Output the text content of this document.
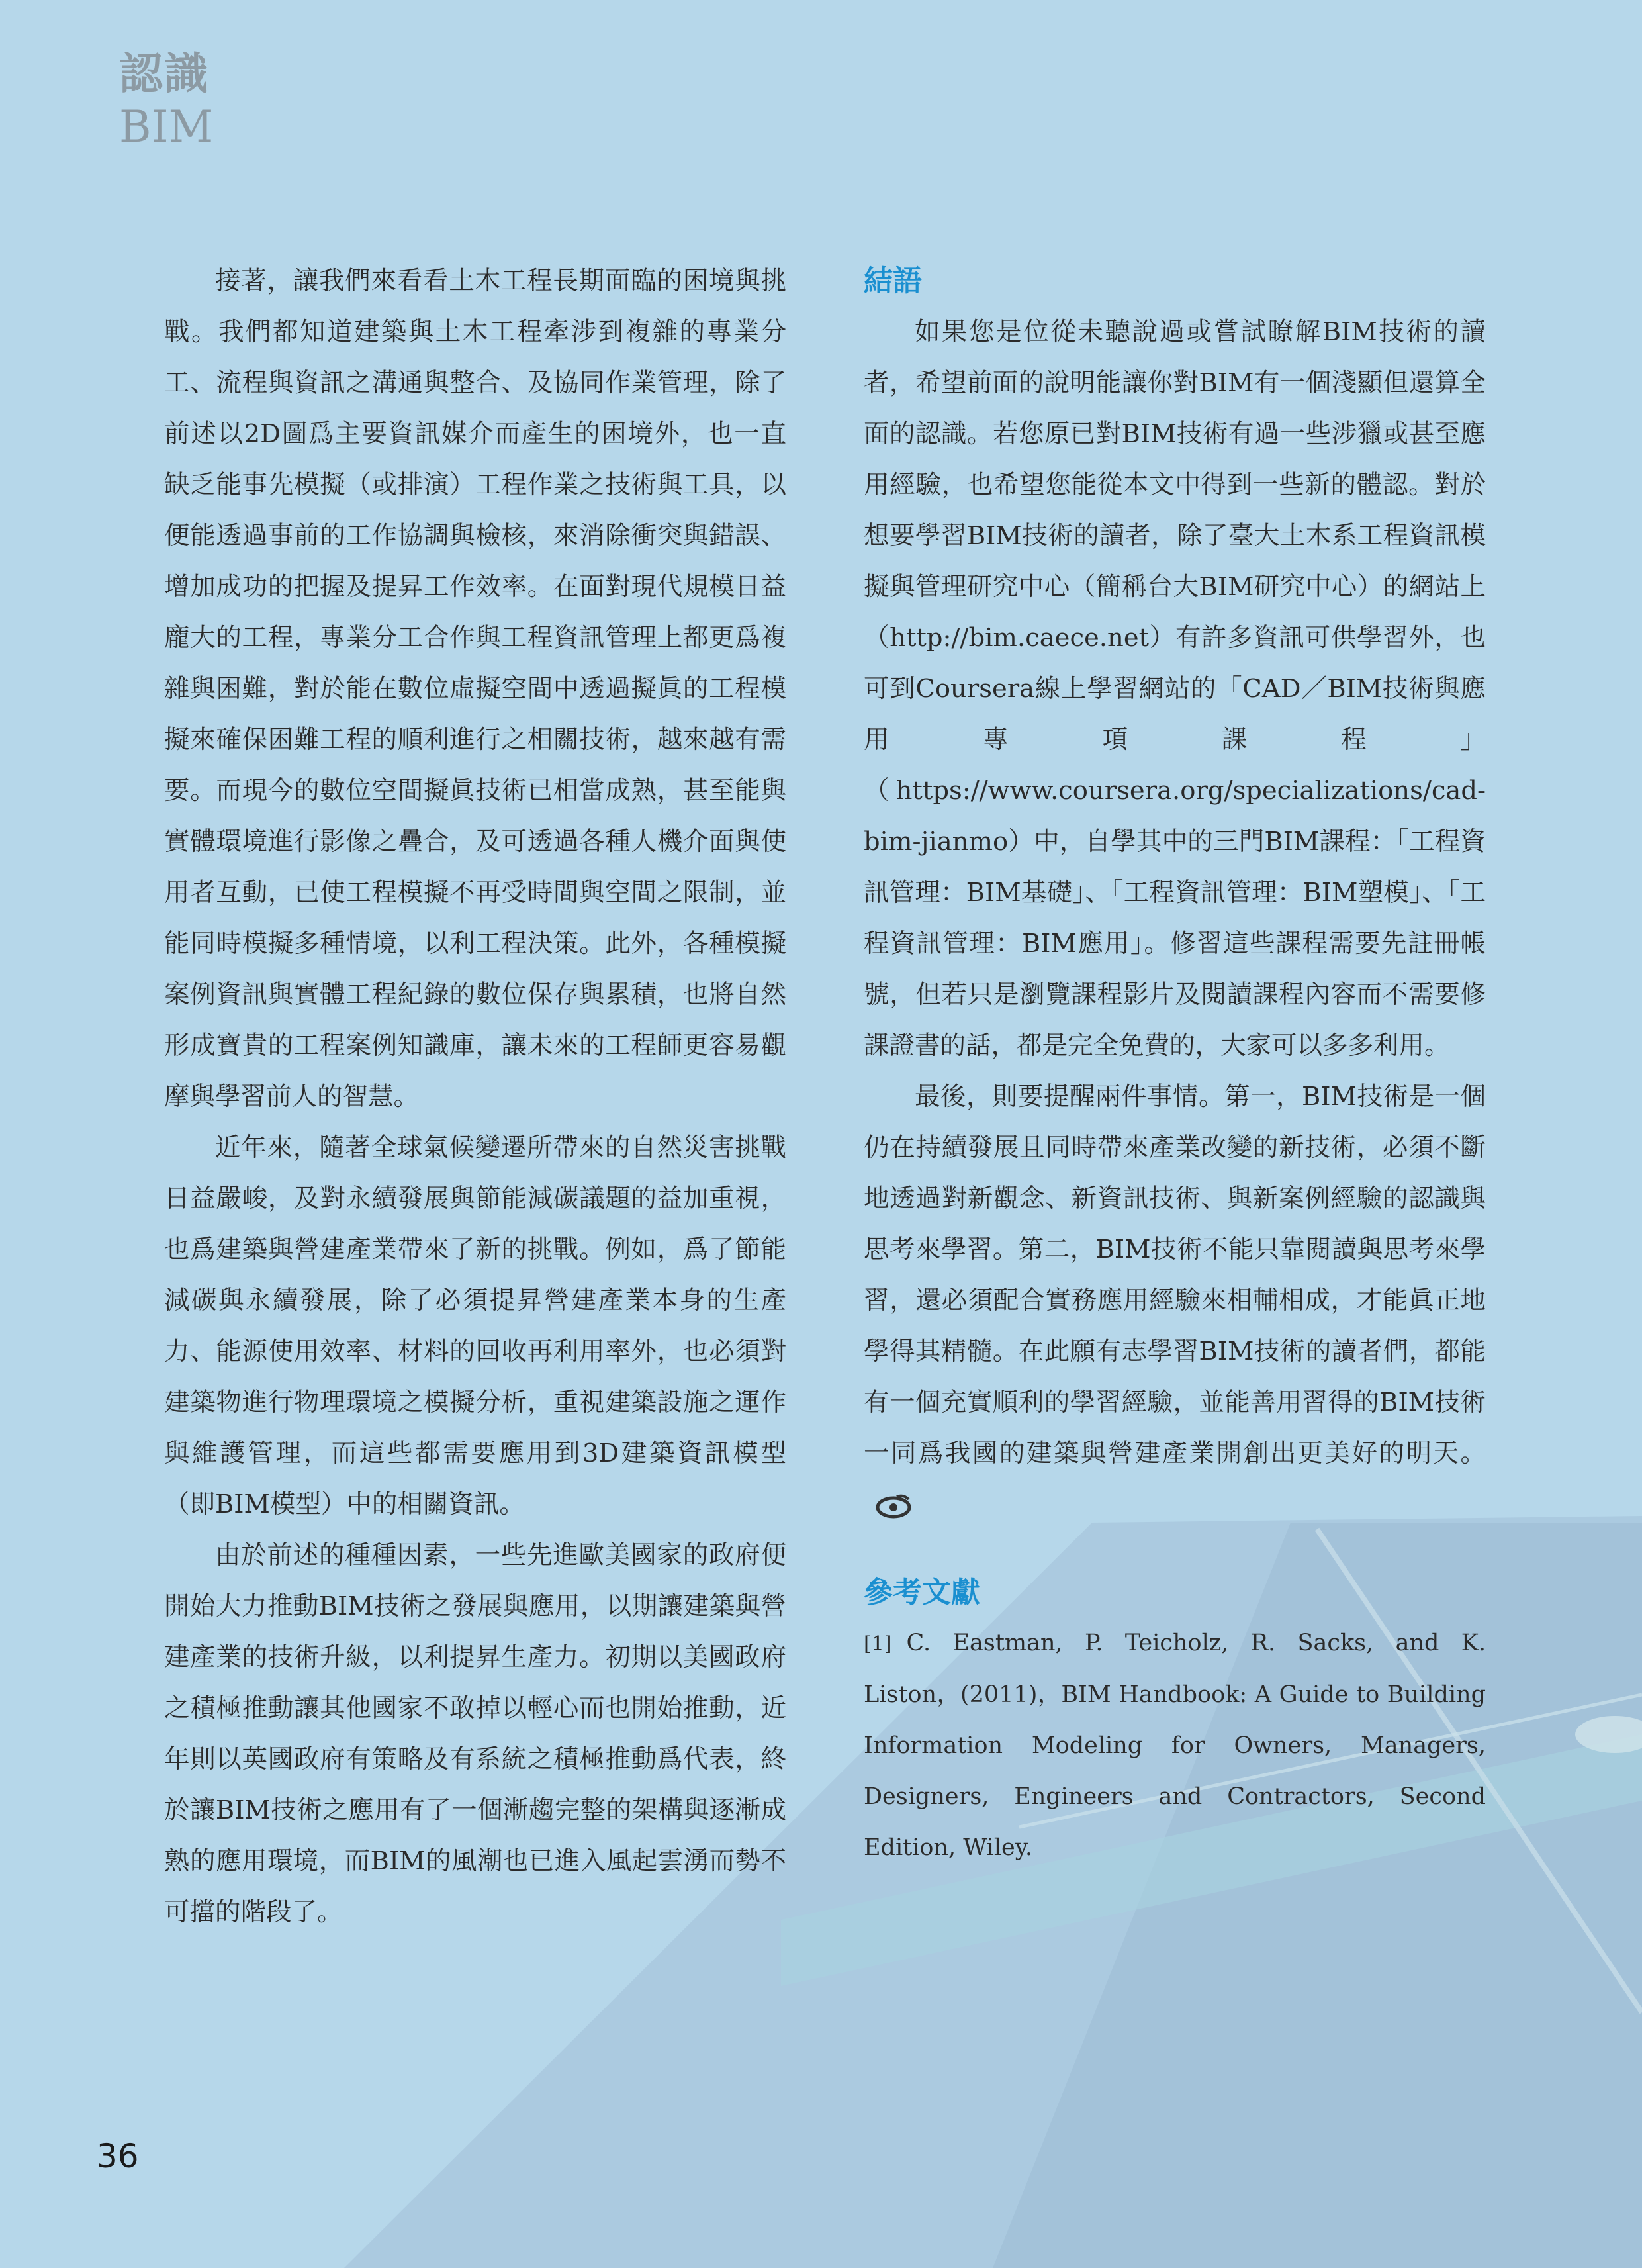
認識
BIM

接著，讓我們來看看土木工程長期面臨的困境與挑戰。我們都知道建築與土木工程牽涉到複雜的專業分工、流程與資訊之溝通與整合、及協同作業管理，除了前述以2D圖爲主要資訊媒介而產生的困境外，也一直缺乏能事先模擬（或排演）工程作業之技術與工具，以便能透過事前的工作協調與檢核，來消除衝突與錯誤、增加成功的把握及提昇工作效率。在面對現代規模日益龐大的工程，專業分工合作與工程資訊管理上都更爲複雜與困難，對於能在數位虛擬空間中透過擬眞的工程模擬來確保困難工程的順利進行之相關技術，越來越有需要。而現今的數位空間擬眞技術已相當成熟，甚至能與實體環境進行影像之疊合，及可透過各種人機介面與使用者互動，已使工程模擬不再受時間與空間之限制，並能同時模擬多種情境，以利工程決策。此外，各種模擬案例資訊與實體工程紀錄的數位保存與累積，也將自然形成寶貴的工程案例知識庫，讓未來的工程師更容易觀摩與學習前人的智慧。

近年來，隨著全球氣候變遷所帶來的自然災害挑戰日益嚴峻，及對永續發展與節能減碳議題的益加重視，也爲建築與營建產業帶來了新的挑戰。例如，爲了節能減碳與永續發展，除了必須提昇營建產業本身的生產力、能源使用效率、材料的回收再利用率外，也必須對建築物進行物理環境之模擬分析，重視建築設施之運作與維護管理，而這些都需要應用到3D建築資訊模型（即BIM模型）中的相關資訊。

由於前述的種種因素，一些先進歐美國家的政府便開始大力推動BIM技術之發展與應用，以期讓建築與營建產業的技術升級，以利提昇生產力。初期以美國政府之積極推動讓其他國家不敢掉以輕心而也開始推動，近年則以英國政府有策略及有系統之積極推動爲代表，終於讓BIM技術之應用有了一個漸趨完整的架構與逐漸成熟的應用環境，而BIM的風潮也已進入風起雲湧而勢不可擋的階段了。

結語

如果您是位從未聽說過或嘗試瞭解BIM技術的讀者，希望前面的說明能讓你對BIM有一個淺顯但還算全面的認識。若您原已對BIM技術有過一些涉獵或甚至應用經驗，也希望您能從本文中得到一些新的體認。對於想要學習BIM技術的讀者，除了臺大土木系工程資訊模擬與管理研究中心（簡稱台大BIM研究中心）的網站上（http://bim.caece.net）有許多資訊可供學習外，也可到Coursera線上學習網站的「CAD／BIM技術與應用專項課程」（https://www.coursera.org/specializations/cad-bim-jianmo）中，自學其中的三門BIM課程：「工程資訊管理：BIM基礎」、「工程資訊管理：BIM塑模」、「工程資訊管理：BIM應用」。修習這些課程需要先註冊帳號，但若只是瀏覽課程影片及閱讀課程內容而不需要修課證書的話，都是完全免費的，大家可以多多利用。

最後，則要提醒兩件事情。第一，BIM技術是一個仍在持續發展且同時帶來產業改變的新技術，必須不斷地透過對新觀念、新資訊技術、與新案例經驗的認識與思考來學習。第二，BIM技術不能只靠閱讀與思考來學習，還必須配合實務應用經驗來相輔相成，才能眞正地學得其精髓。在此願有志學習BIM技術的讀者們，都能有一個充實順利的學習經驗，並能善用習得的BIM技術一同爲我國的建築與營建產業開創出更美好的明天。

參考文獻

[1] C. Eastman, P. Teicholz, R. Sacks, and K. Liston，(2011)，BIM Handbook: A Guide to Building Information Modeling for Owners, Managers, Designers, Engineers and Contractors, Second Edition, Wiley.

36
